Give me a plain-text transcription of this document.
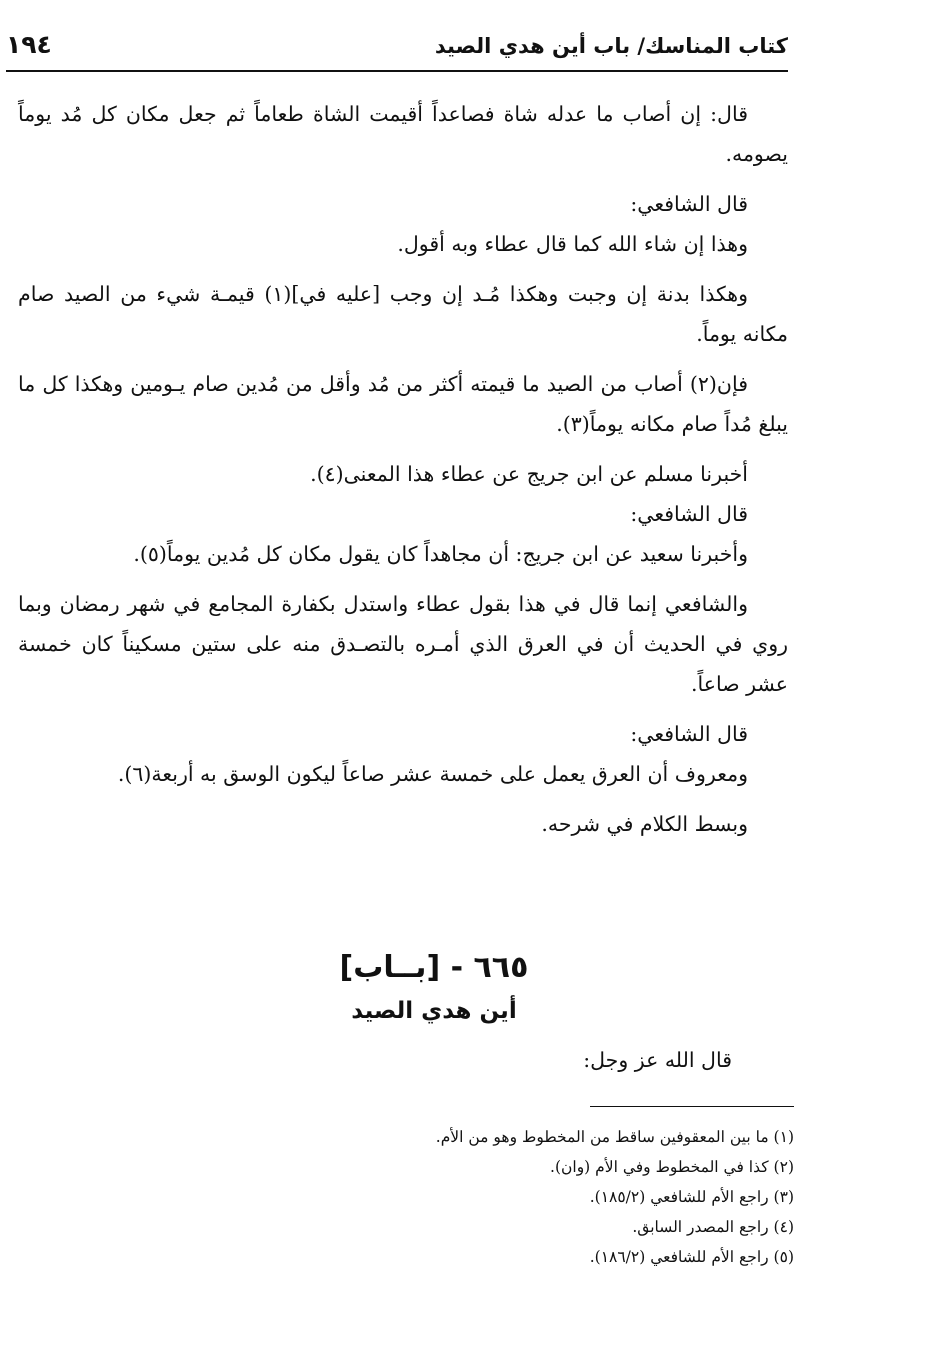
كتاب المناسك/ باب أين هدي الصيد
١٩٤

قال: إن أصاب ما عدله شاة فصاعداً أقيمت الشاة طعاماً ثم جعل مكان كل مُد يوماً يصومه.

قال الشافعي:
وهذا إن شاء الله كما قال عطاء وبه أقول.

وهكذا بدنة إن وجبت وهكذا مُـد إن وجب [عليه في](١) قيمـة شيء من الصيد صام مكانه يوماً.

فإن(٢) أصاب من الصيد ما قيمته أكثر من مُد وأقل من مُدين صام يـومين وهكذا كل ما يبلغ مُداً صام مكانه يوماً(٣).

أخبرنا مسلم عن ابن جريج عن عطاء هذا المعنى(٤).

قال الشافعي:
وأخبرنا سعيد عن ابن جريج: أن مجاهداً كان يقول مكان كل مُدين يوماً(٥).

والشافعي إنما قال في هذا بقول عطاء واستدل بكفارة المجامع في شهر رمضان وبما روي في الحديث أن في العرق الذي أمـره بالتصـدق منه على ستين مسكيناً كان خمسة عشر صاعاً.

قال الشافعي:
ومعروف أن العرق يعمل على خمسة عشر صاعاً ليكون الوسق به أربعة(٦).

وبسط الكلام في شرحه.

٦٦٥ - [بــاب]
أين هدي الصيد
قال الله عز وجل:
(١) ما بين المعقوفين ساقط من المخطوط وهو من الأم.
(٢) كذا في المخطوط وفي الأم (وان).
(٣) راجع الأم للشافعي (١٨٥/٢).
(٤) راجع المصدر السابق.
(٥) راجع الأم للشافعي (١٨٦/٢).
